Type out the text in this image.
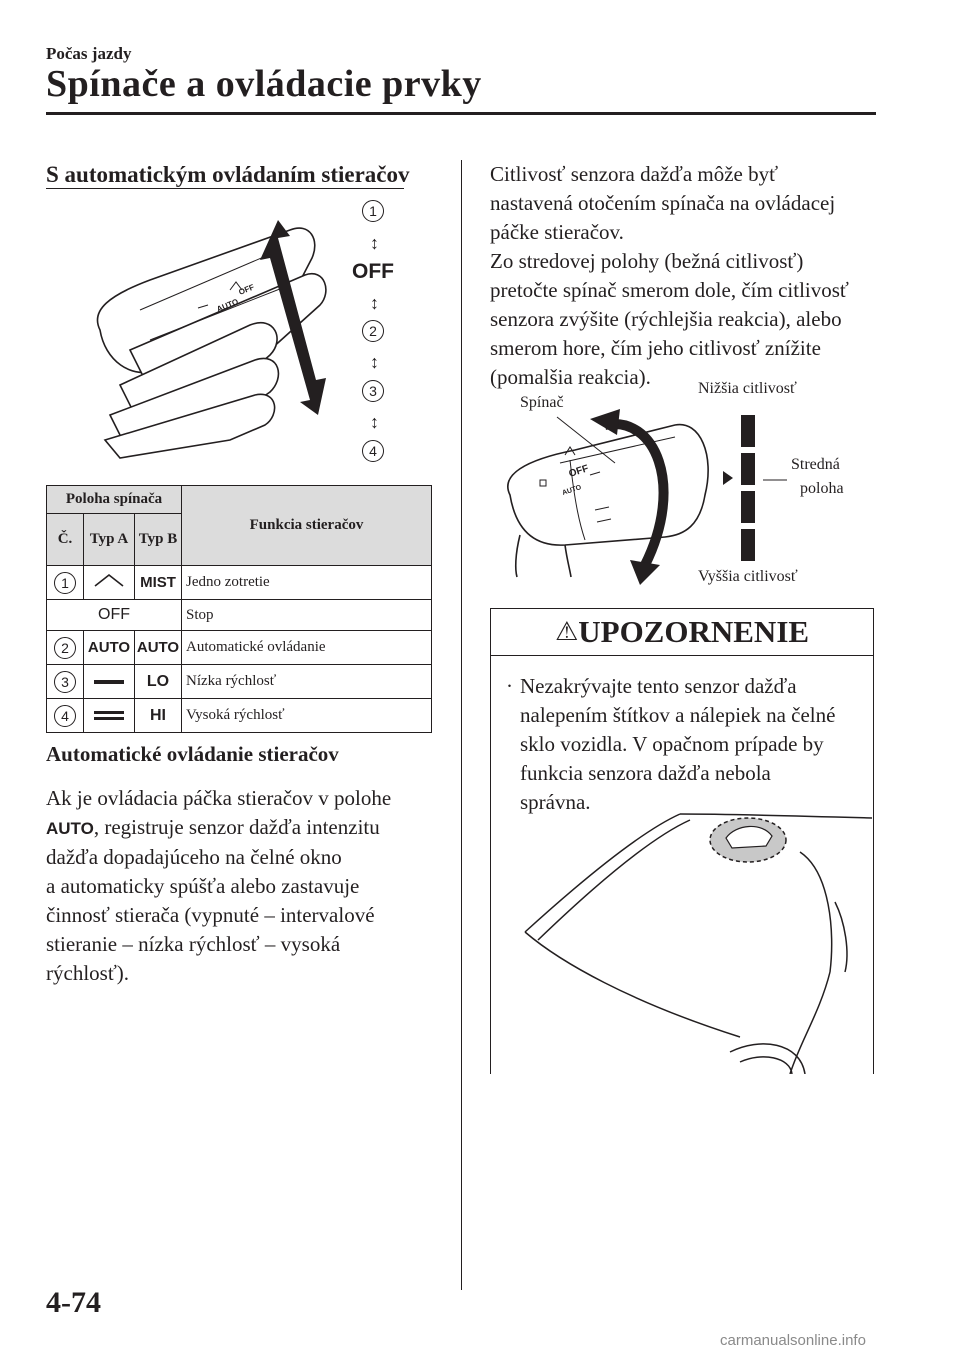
Počas jazdy
Spínače a ovládacie prvky
S automatickým ovládaním stieračov
AUTO
OFF
1
↕
OFF
↕
2
↕
3
↕
4
Poloha spínača			Funkcia stieračov
Č.	Typ A	Typ B	
1		MIST	Jedno zotretie
OFF			Stop
2	AUTO	AUTO	Automatické ovládanie
3		LO	Nízka rýchlosť
4		HI	Vysoká rýchlosť
Automatické ovládanie stieračov
Ak je ovládacia páčka stieračov v polohe
AUTO, registruje senzor dažďa intenzitu
dažďa dopadajúceho na čelné okno
a automaticky spúšťa alebo zastavuje
činnosť stierača (vypnuté – intervalové
stieranie – nízka rýchlosť – vysoká
rýchlosť).
Citlivosť senzora dažďa môže byť
nastavená otočením spínača na ovládacej
páčke stieračov.
Zo stredovej polohy (bežná citlivosť)
pretočte spínač smerom dole, čím citlivosť
senzora zvýšite (rýchlejšia reakcia), alebo
smerom hore, čím jeho citlivosť znížite
(pomalšia reakcia).
OFF
AUTO
Spínač
Nižšia citlivosť
Stredná
poloha
Vyššia citlivosť
⚠UPOZORNENIE
· Nezakrývajte tento senzor dažďa
nalepením štítkov a nálepiek na čelné
sklo vozidla. V opačnom prípade by
funkcia senzora dažďa nebola
správna.
4-74
carmanualsonline.info
